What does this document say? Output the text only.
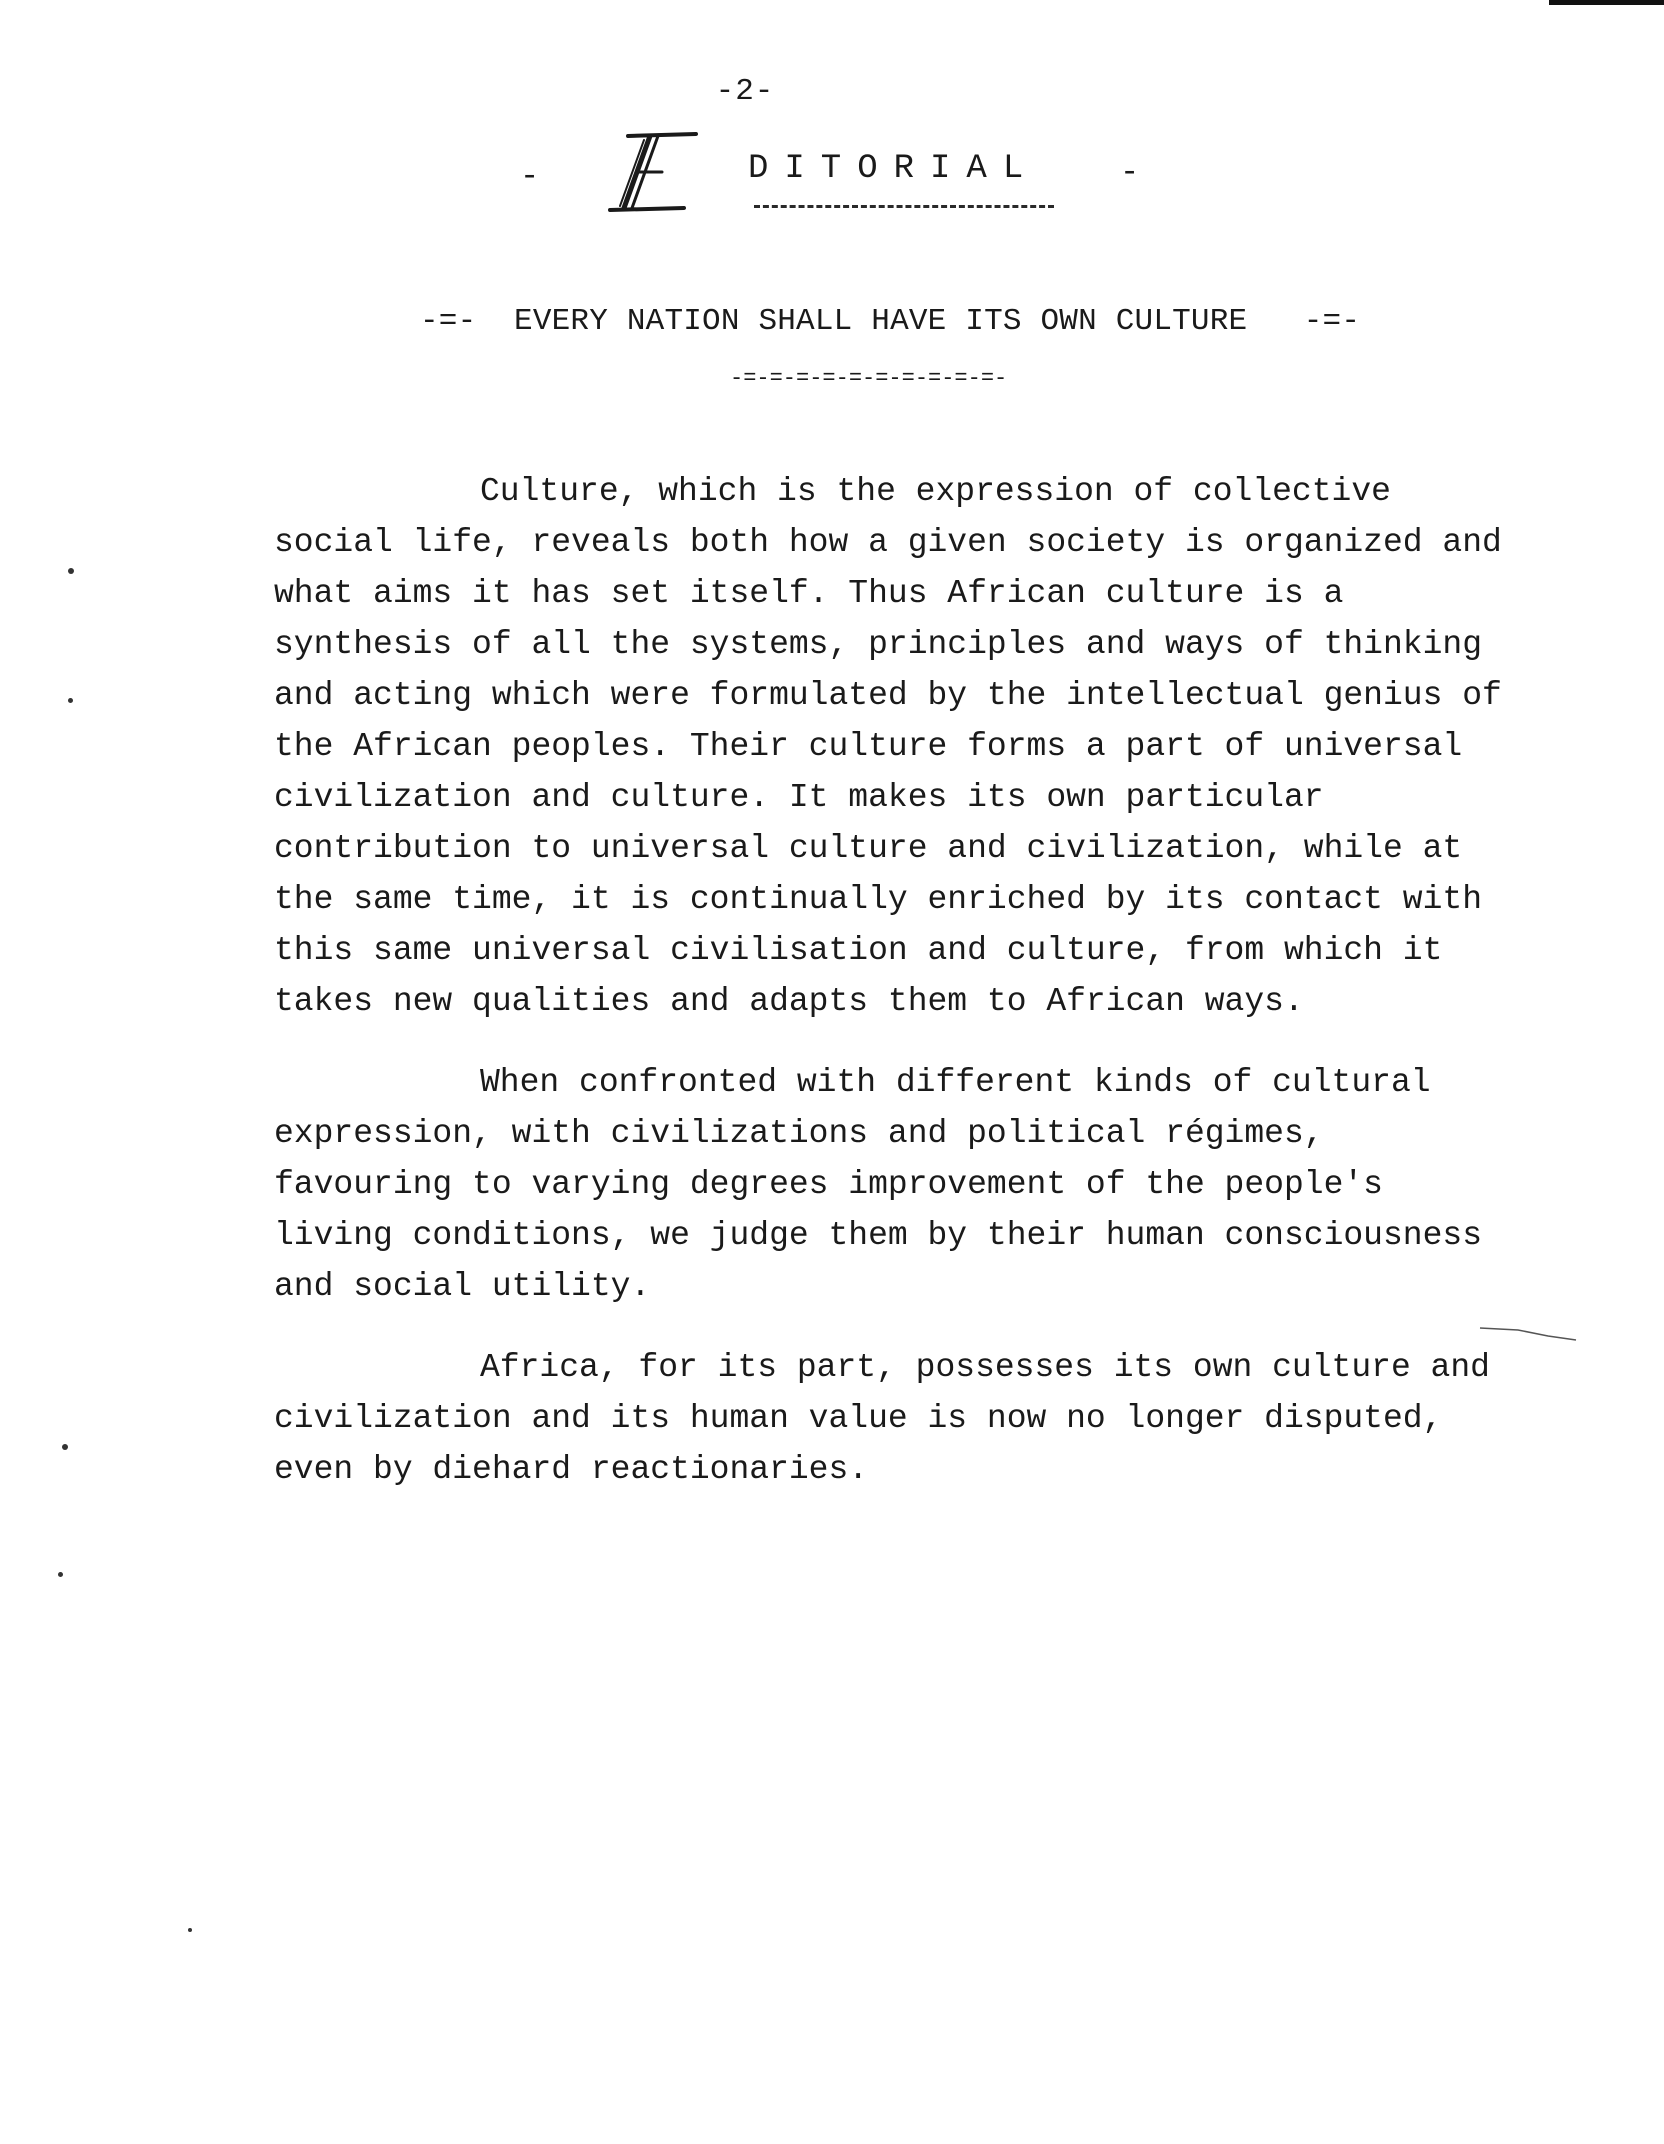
-2-
-	DITORIAL	-
-=-  EVERY NATION SHALL HAVE ITS OWN CULTURE   -=-
-=-=-=-=-=-=-=-=-=-=-

Culture, which is the expression of collective social life, reveals both how a given society is organized and what aims it has set itself. Thus African culture is a synthesis of all the systems, principles and ways of thinking and acting which were formulated by the intellectual genius of the African peoples. Their culture forms a part of universal civilization and culture. It makes its own particular contribution to universal culture and civilization, while at the same time, it is continually enriched by its contact with this same universal civilisation and culture, from which it takes new qualities and adapts them to African ways.

When confronted with different kinds of cultural expression, with civilizations and political régimes, favouring to varying degrees improvement of the people's living conditions, we judge them by their human consciousness and social utility.

Africa, for its part, possesses its own culture and civilization and its human value is now no longer disputed, even by diehard reactionaries.
